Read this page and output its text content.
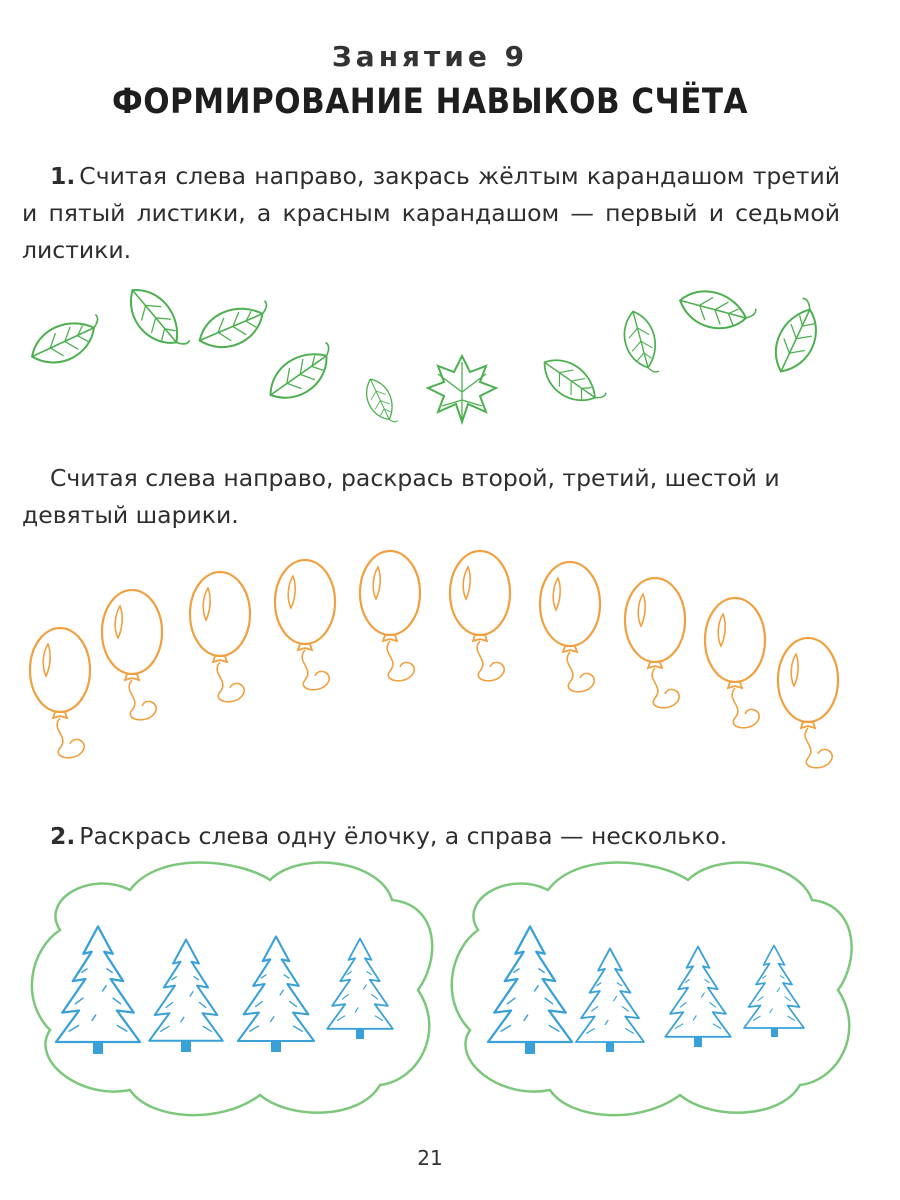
Занятие 9
ФОРМИРОВАНИЕ НАВЫКОВ СЧЁТА
1. Считая слева направо, закрась жёлтым карандашом третий и пятый листики, а красным карандашом — первый и седьмой листики.
Считая слева направо, раскрась второй, третий, шестой и девятый шарики.
2. Раскрась слева одну ёлочку, а справа — несколько.
21
